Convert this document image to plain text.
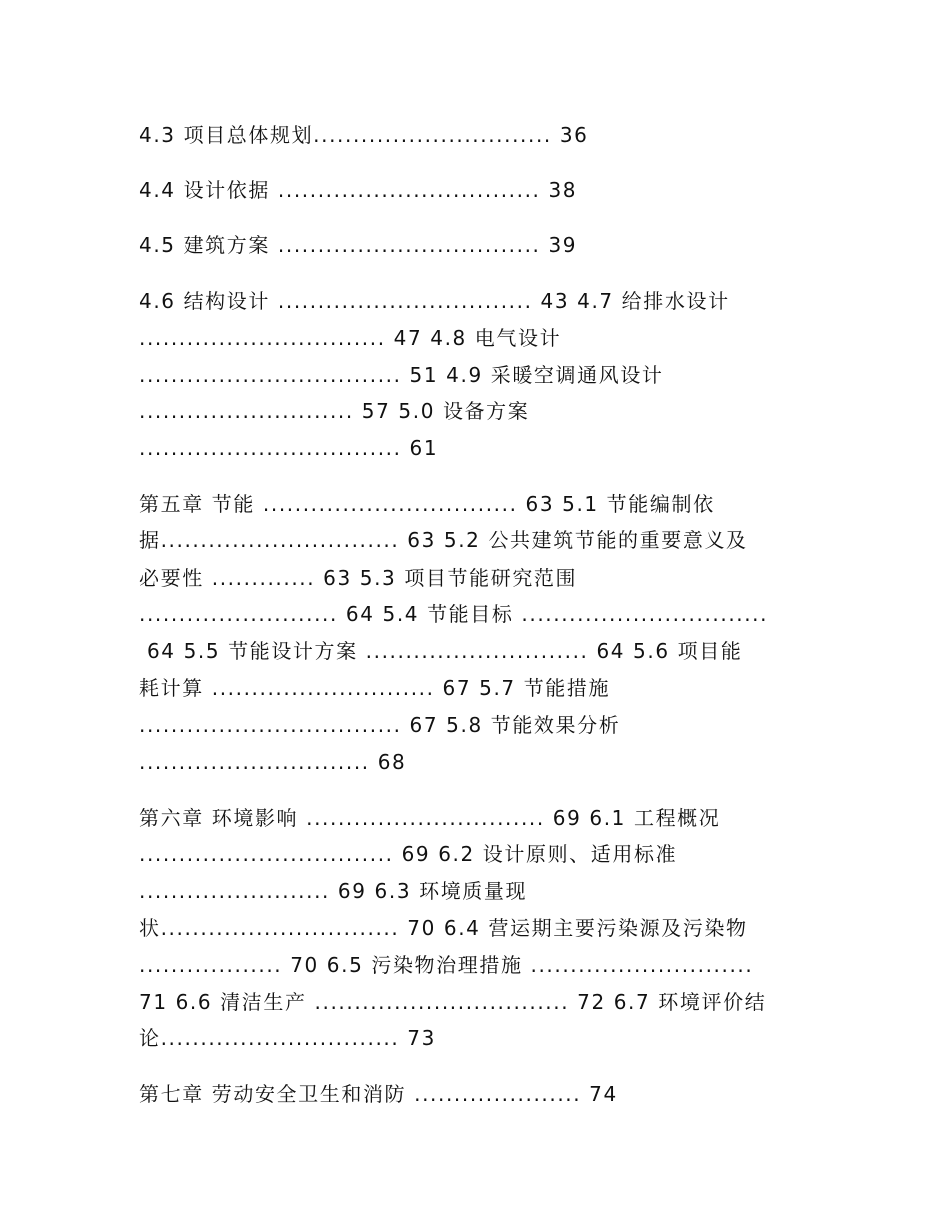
4.3 项目总体规划.............................. 36
4.4 设计依据 ................................. 38
4.5 建筑方案 ................................. 39
4.6 结构设计 ................................ 43 4.7 给排水设计
............................... 47 4.8 电气设计
................................. 51 4.9 采暖空调通风设计
........................... 57 5.0 设备方案
................................. 61
第五章 节能 ................................ 63 5.1 节能编制依
据.............................. 63 5.2 公共建筑节能的重要意义及
必要性 ............. 63 5.3 项目节能研究范围
......................... 64 5.4 节能目标 ...............................
64 5.5 节能设计方案 ............................ 64 5.6 项目能
耗计算 ............................ 67 5.7 节能措施
................................. 67 5.8 节能效果分析
............................. 68
第六章 环境影响 .............................. 69 6.1 工程概况
................................ 69 6.2 设计原则、适用标准
........................ 69 6.3 环境质量现
状.............................. 70 6.4 营运期主要污染源及污染物
.................. 70 6.5 污染物治理措施 ............................
71 6.6 清洁生产 ................................ 72 6.7 环境评价结
论.............................. 73
第七章 劳动安全卫生和消防 ..................... 74
